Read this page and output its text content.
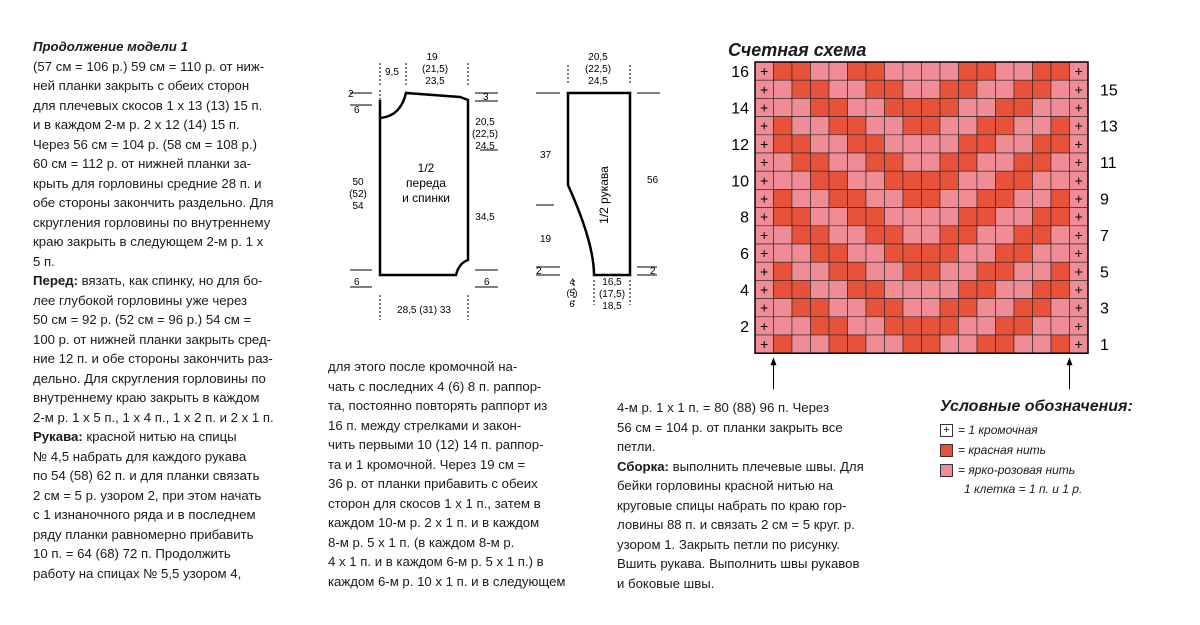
Продолжение модели 1

(57 см = 106 р.) 59 см = 110 р. от ниж-

ней планки закрыть с обеих сторон

для плечевых скосов 1 х 13 (13) 15 п.

и в каждом 2-м р. 2 х 12 (14) 15 п.

Через 56 см = 104 р. (58 см = 108 р.)

60 см = 112 р. от нижней планки за-

крыть для горловины средние 28 п. и

обе стороны закончить раздельно. Для

скругления горловины по внутреннему

краю закрыть в следующем 2-м р. 1 х

5 п.

Перед: вязать, как спинку, но для бо-

лее глубокой горловины уже через

50 см = 92 р. (52 см = 96 р.) 54 см =

100 р. от нижней планки закрыть сред-

ние 12 п. и обе стороны закончить раз-

дельно. Для скругления горловины по

внутреннему краю закрыть в каждом

2-м р. 1 х 5 п., 1 х 4 п., 1 х 2 п. и 2 х 1 п.

Рукава: красной нитью на спицы

№ 4,5 набрать для каждого рукава

по 54 (58) 62 п. и для планки связать

2 см = 5 р. узором 2, при этом начать

с 1 изнаночного ряда и в последнем

ряду планки равномерно прибавить

10 п. = 64 (68) 72 п. Продолжить

работу на спицах № 5,5 узором 4,

для этого после кромочной на-

чать с последних 4 (6) 8 п. раппор-

та, постоянно повторять раппорт из

16 п. между стрелками и закон-

чить первыми 10 (12) 14 п. раппор-

та и 1 кромочной. Через 19 см =

36 р. от планки прибавить с обеих

сторон для скосов 1 х 1 п., затем в

каждом 10-м р. 2 х 1 п. и в каждом

8-м р. 5 х 1 п. (в каждом 8-м р.

4 х 1 п. и в каждом 6-м р. 5 х 1 п.) в

каждом 6-м р. 10 х 1 п. и в следующем

4-м р. 1 х 1 п. = 80 (88) 96 п. Через

56 см = 104 р. от планки закрыть все

петли.

Сборка: выполнить плечевые швы. Для

бейки горловины красной нитью на

круговые спицы набрать по краю гор-

ловины 88 п. и связать 2 см = 5 круг. р.

узором 1. Закрыть петли по рисунку.

Вшить рукава. Выполнить швы рукавов

и боковые швы.

9,5
19
(21,5)
23,5
2
6
3
20,5
(22,5)
24,5
34,5
50
(52)
54
6	6
28,5 (31) 33
1/2
переда
и спинки
20,5
(22,5)
24,5
37
19
56
2	2
4
(5)
6
16,5
(17,5)
18,5
1/2 рукава
Счетная схема
+	+
+	+
+	+
+	+
+	+
+	+
+	+
+	+
+	+
+	+
+	+
+	+
+	+
+	+
+	+
+	+
16
14
12
10
8
6
4
2
15
13
11
9
7
5
3
1
Условные обозначения:
+ = 1 кромочная
= красная нить
= ярко-розовая нить
1 клетка = 1 п. и 1 р.
